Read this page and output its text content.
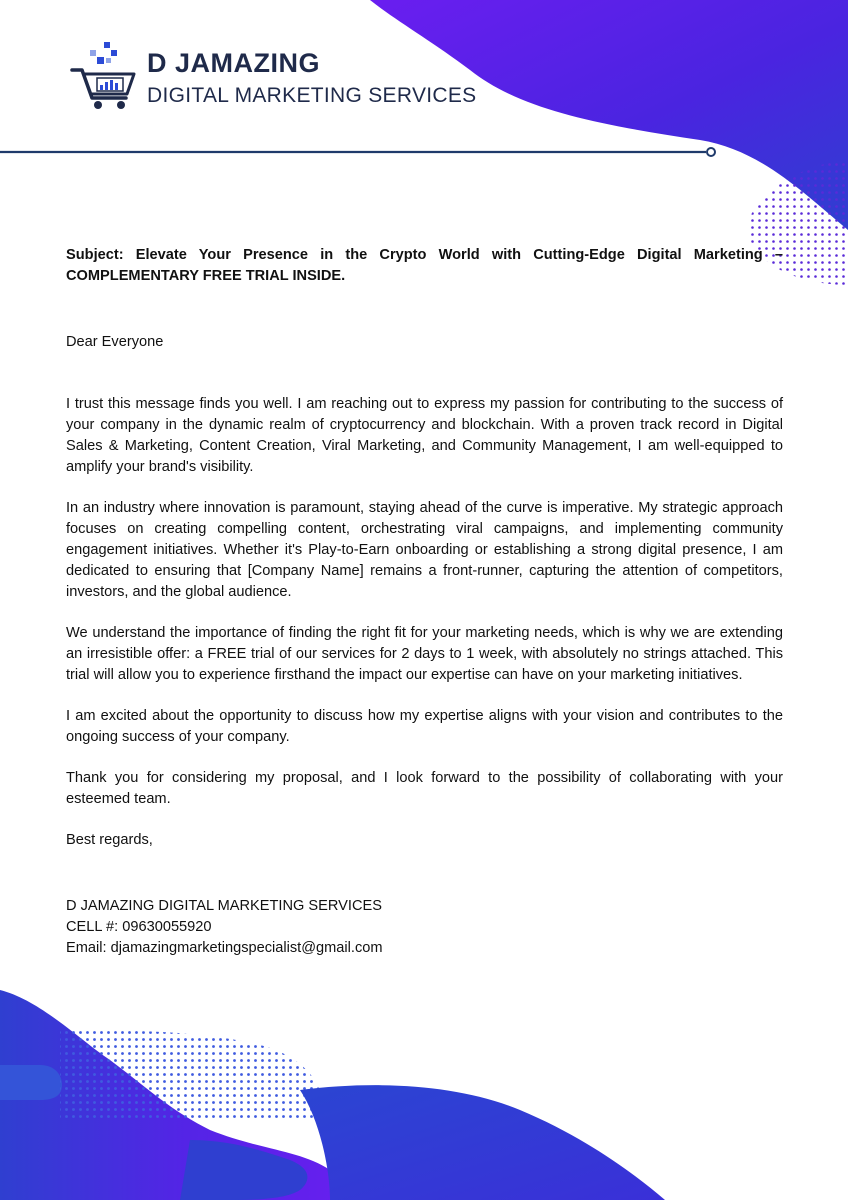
D JAMAZING
DIGITAL MARKETING SERVICES

Subject: Elevate Your Presence in the Crypto World with Cutting-Edge Digital Marketing – COMPLEMENTARY FREE TRIAL INSIDE.

Dear Everyone

I trust this message finds you well. I am reaching out to express my passion for contributing to the success of your company in the dynamic realm of cryptocurrency and blockchain. With a proven track record in Digital Sales & Marketing, Content Creation, Viral Marketing, and Community Management, I am well-equipped to amplify your brand's visibility.

In an industry where innovation is paramount, staying ahead of the curve is imperative. My strategic approach focuses on creating compelling content, orchestrating viral campaigns, and implementing community engagement initiatives. Whether it's Play-to-Earn onboarding or establishing a strong digital presence, I am dedicated to ensuring that [Company Name] remains a front-runner, capturing the attention of competitors, investors, and the global audience.

We understand the importance of finding the right fit for your marketing needs, which is why we are extending an irresistible offer: a FREE trial of our services for 2 days to 1 week, with absolutely no strings attached. This trial will allow you to experience firsthand the impact our expertise can have on your marketing initiatives.

I am excited about the opportunity to discuss how my expertise aligns with your vision and contributes to the ongoing success of your company.

Thank you for considering my proposal, and I look forward to the possibility of collaborating with your esteemed team.

Best regards,

D JAMAZING DIGITAL MARKETING SERVICES

CELL #: 09630055920

Email: djamazingmarketingspecialist@gmail.com
